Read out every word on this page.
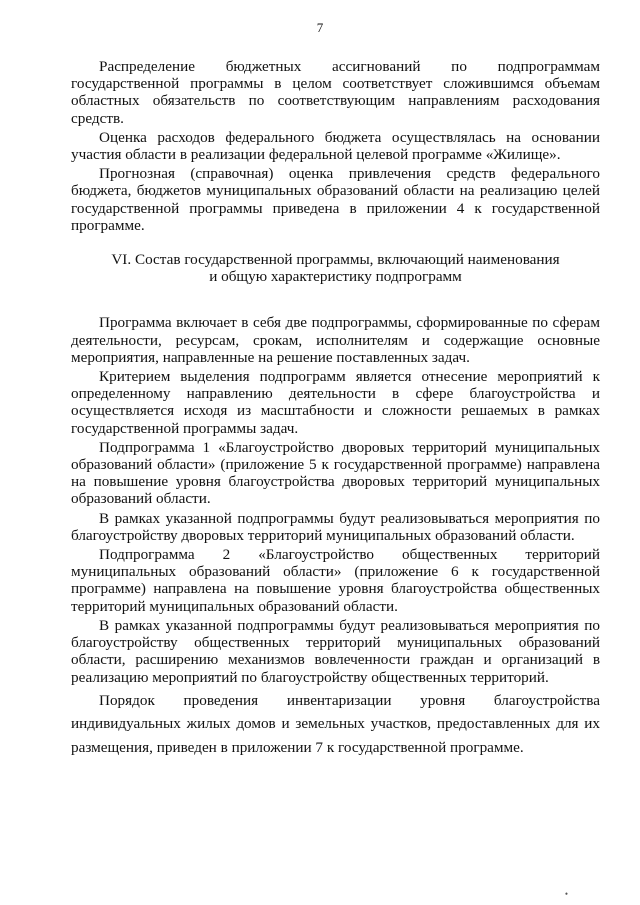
7

Распределение бюджетных ассигнований по подпрограммам государственной программы в целом соответствует сложившимся объемам областных обязательств по соответствующим направлениям расходования средств.

Оценка расходов федерального бюджета осуществлялась на основании участия области в реализации федеральной целевой программе «Жилище».

Прогнозная (справочная) оценка привлечения средств федерального бюджета, бюджетов муниципальных образований области на реализацию целей государственной программы приведена в приложении 4 к государственной программе.

VI. Состав государственной программы, включающий наименования и общую характеристику подпрограмм

Программа включает в себя две подпрограммы, сформированные по сферам деятельности, ресурсам, срокам, исполнителям и содержащие основные мероприятия, направленные на решение поставленных задач.

Критерием выделения подпрограмм является отнесение мероприятий к определенному направлению деятельности в сфере благоустройства и осуществляется исходя из масштабности и сложности решаемых в рамках государственной программы задач.

Подпрограмма 1 «Благоустройство дворовых территорий муниципальных образований области» (приложение 5 к государственной программе) направлена на повышение уровня благоустройства дворовых территорий муниципальных образований области.

В рамках указанной подпрограммы будут реализовываться мероприятия по благоустройству дворовых территорий муниципальных образований области.

Подпрограмма 2 «Благоустройство общественных территорий муниципальных образований области» (приложение 6 к государственной программе) направлена на повышение уровня благоустройства общественных территорий муниципальных образований области.

В рамках указанной подпрограммы будут реализовываться мероприятия по благоустройству общественных территорий муниципальных образований области, расширению механизмов вовлеченности граждан и организаций в реализацию мероприятий по благоустройству общественных территорий.

Порядок проведения инвентаризации уровня благоустройства индивидуальных жилых домов и земельных участков, предоставленных для их размещения, приведен в приложении 7 к государственной программе.

•
